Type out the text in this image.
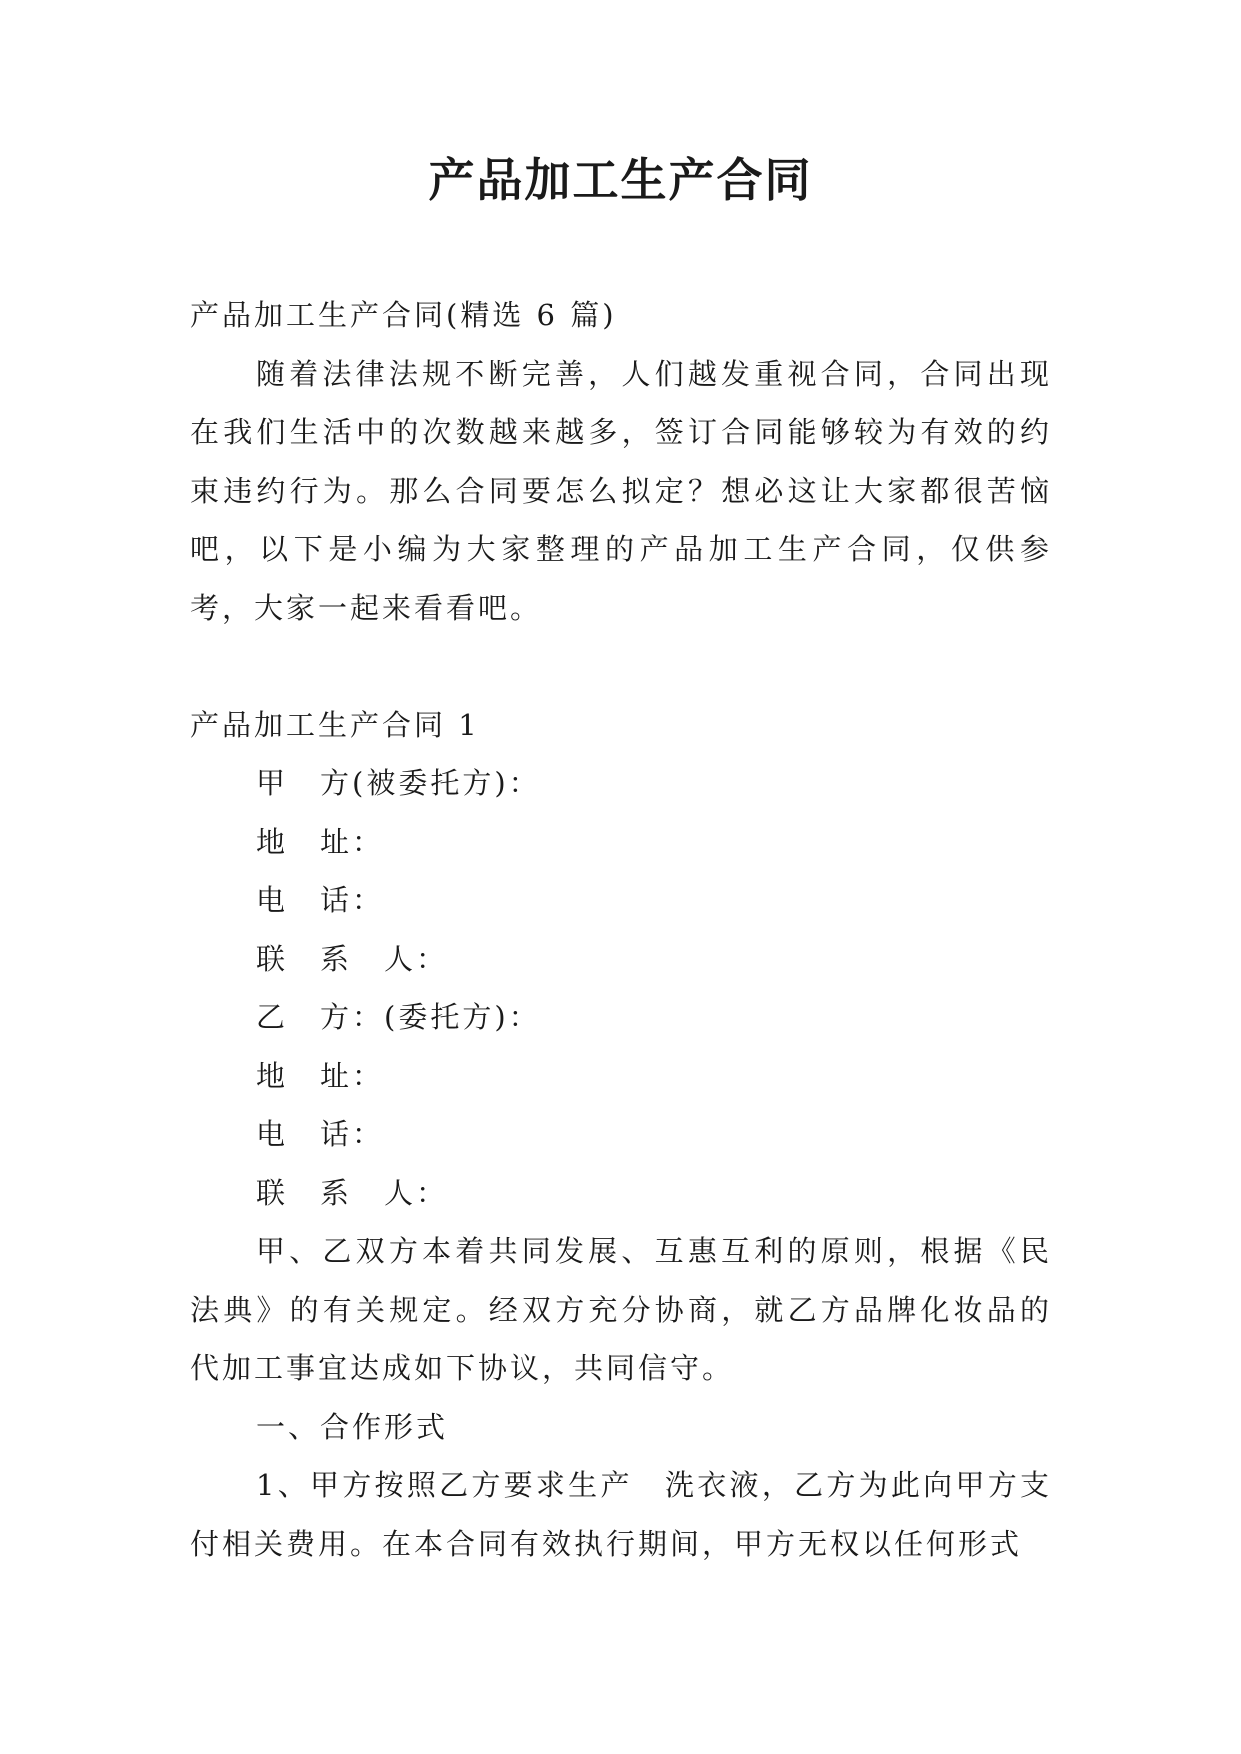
产品加工生产合同

产品加工生产合同(精选 6 篇)

随着法律法规不断完善，人们越发重视合同，合同出现在我们生活中的次数越来越多，签订合同能够较为有效的约束违约行为。那么合同要怎么拟定？想必这让大家都很苦恼吧，以下是小编为大家整理的产品加工生产合同，仅供参考，大家一起来看看吧。

产品加工生产合同 1

甲　方(被委托方)：

地　址：

电　话：

联　系　人：

乙　方：(委托方)：

地　址：

电　话：

联　系　人：

甲、乙双方本着共同发展、互惠互利的原则，根据《民法典》的有关规定。经双方充分协商，就乙方品牌化妆品的代加工事宜达成如下协议，共同信守。

一、合作形式

1、甲方按照乙方要求生产　洗衣液，乙方为此向甲方支付相关费用。在本合同有效执行期间，甲方无权以任何形式
